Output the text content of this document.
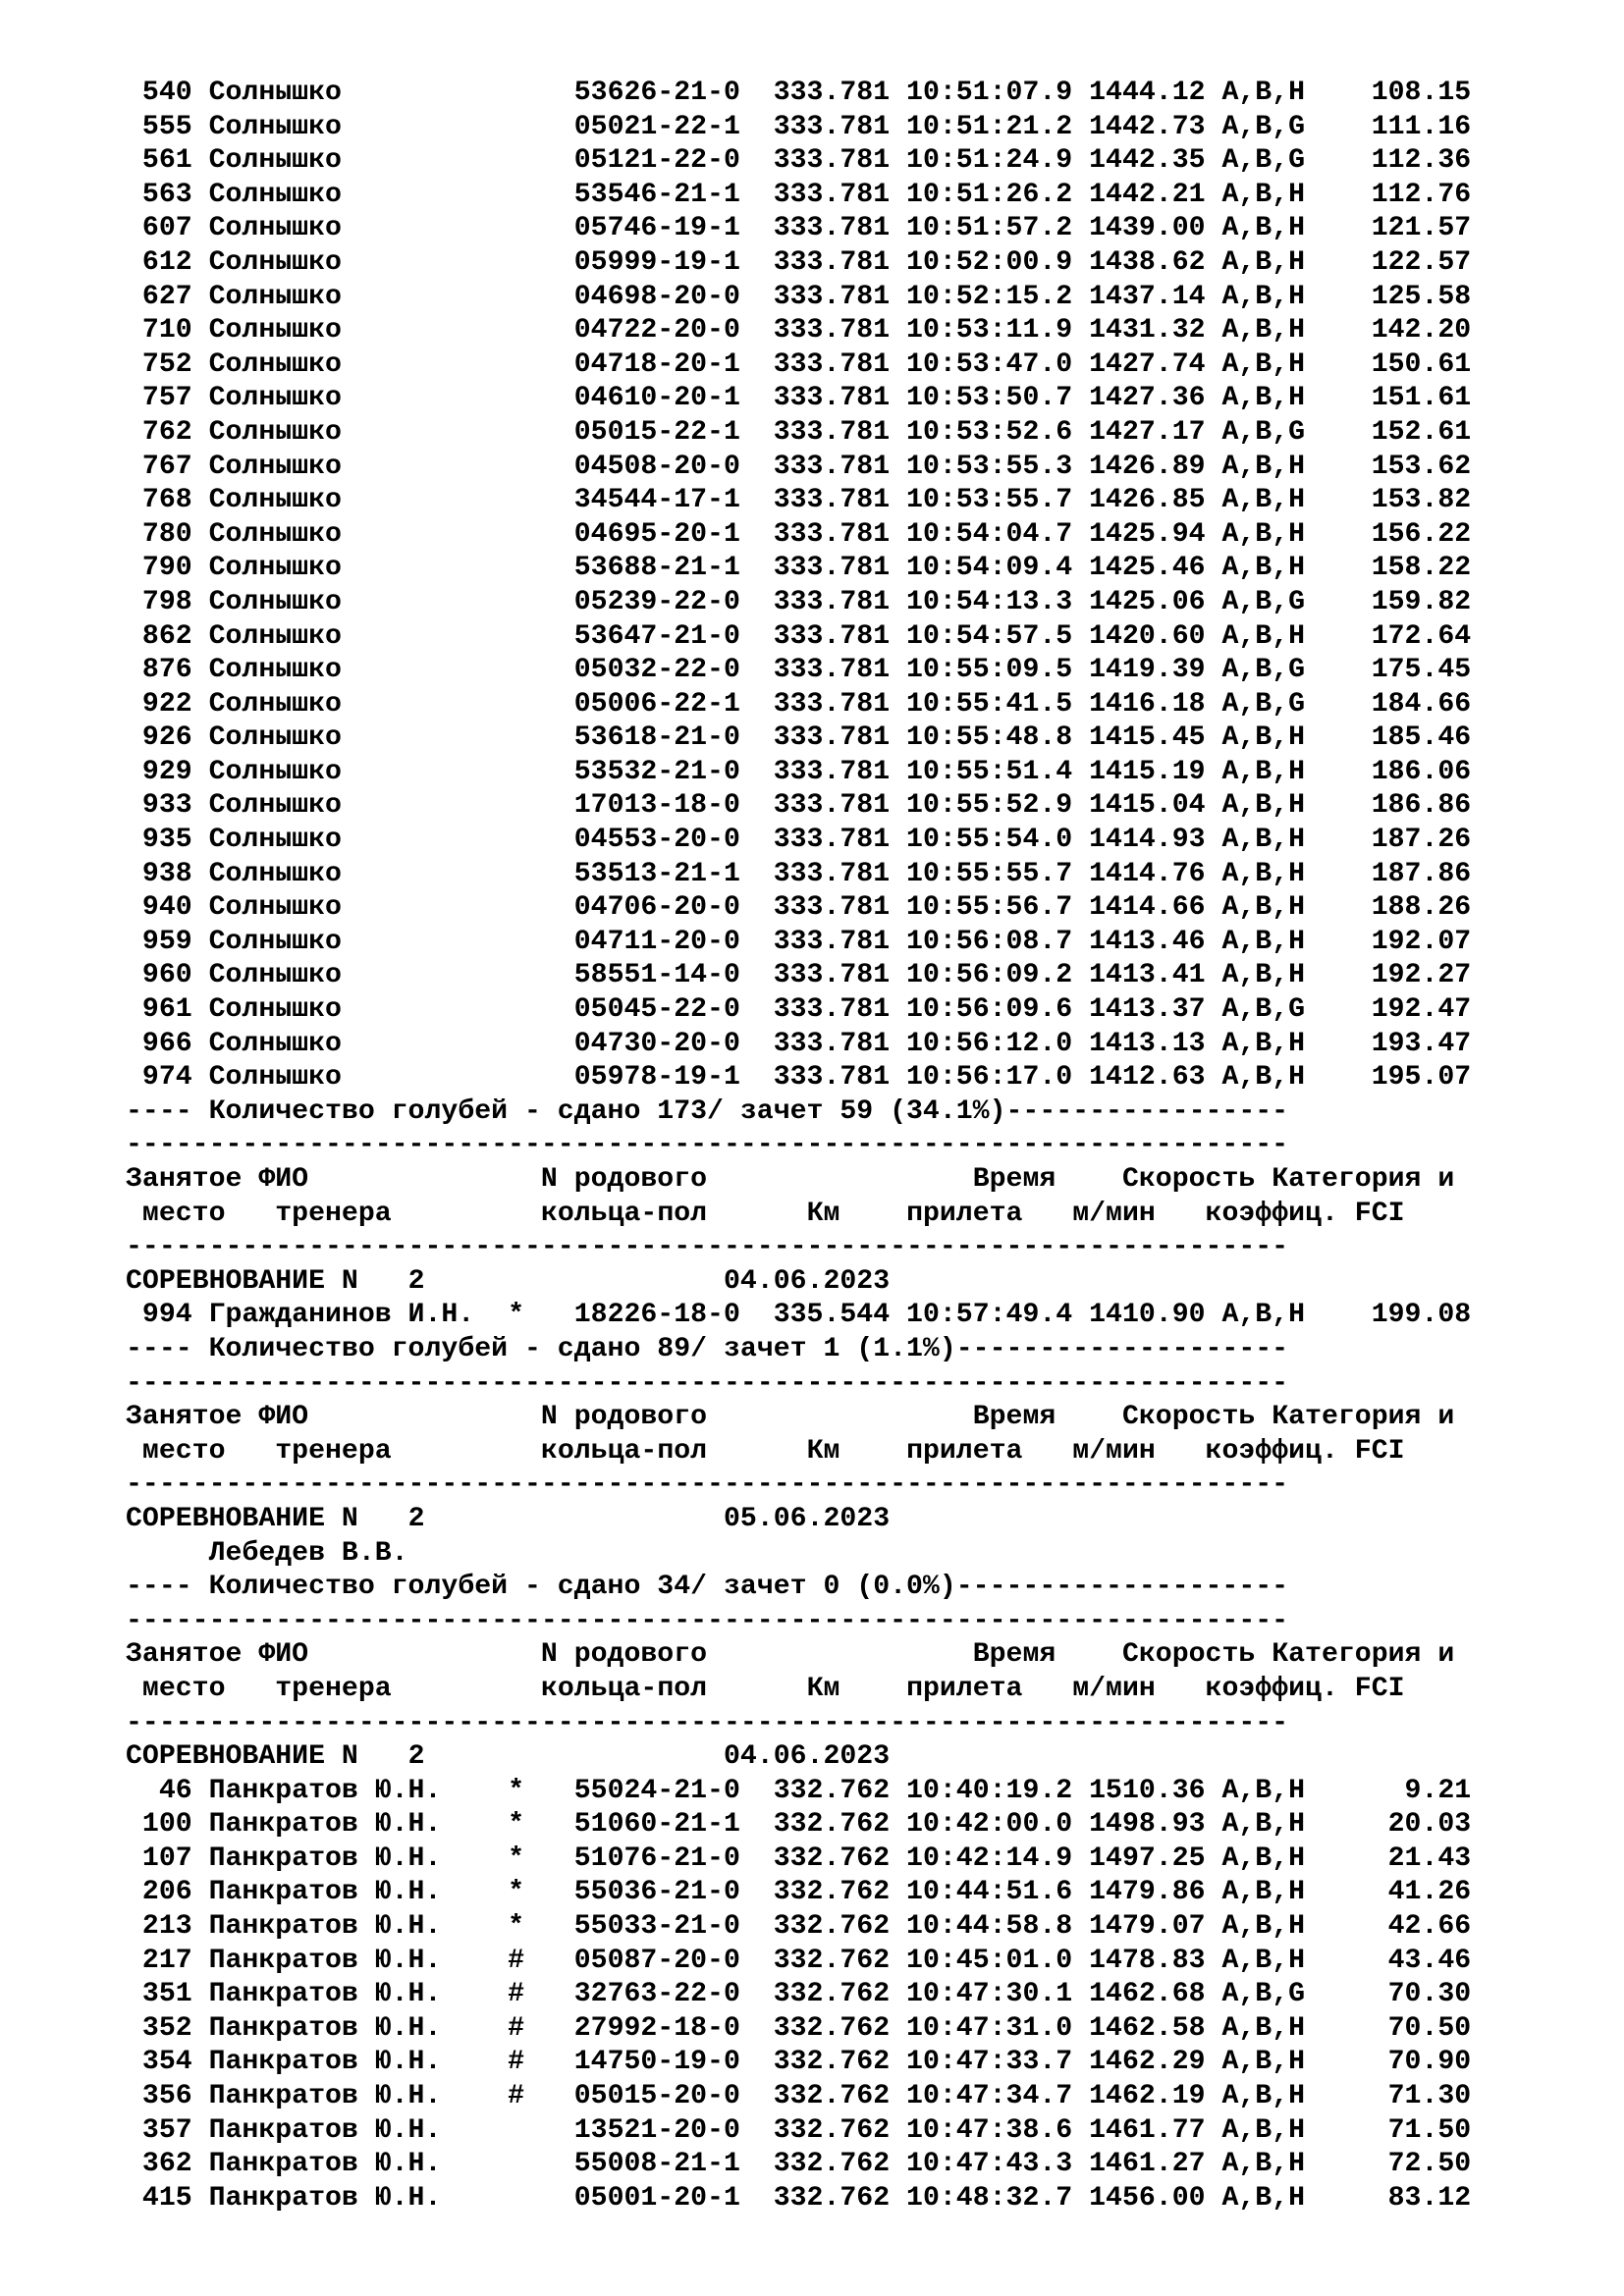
540 Солнышко              53626-21-0  333.781 10:51:07.9 1444.12 A,B,H    108.15
555 Солнышко              05021-22-1  333.781 10:51:21.2 1442.73 A,B,G    111.16
561 Солнышко              05121-22-0  333.781 10:51:24.9 1442.35 A,B,G    112.36
563 Солнышко              53546-21-1  333.781 10:51:26.2 1442.21 A,B,H    112.76
607 Солнышко              05746-19-1  333.781 10:51:57.2 1439.00 A,B,H    121.57
612 Солнышко              05999-19-1  333.781 10:52:00.9 1438.62 A,B,H    122.57
627 Солнышко              04698-20-0  333.781 10:52:15.2 1437.14 A,B,H    125.58
710 Солнышко              04722-20-0  333.781 10:53:11.9 1431.32 A,B,H    142.20
752 Солнышко              04718-20-1  333.781 10:53:47.0 1427.74 A,B,H    150.61
757 Солнышко              04610-20-1  333.781 10:53:50.7 1427.36 A,B,H    151.61
762 Солнышко              05015-22-1  333.781 10:53:52.6 1427.17 A,B,G    152.61
767 Солнышко              04508-20-0  333.781 10:53:55.3 1426.89 A,B,H    153.62
768 Солнышко              34544-17-1  333.781 10:53:55.7 1426.85 A,B,H    153.82
780 Солнышко              04695-20-1  333.781 10:54:04.7 1425.94 A,B,H    156.22
790 Солнышко              53688-21-1  333.781 10:54:09.4 1425.46 A,B,H    158.22
798 Солнышко              05239-22-0  333.781 10:54:13.3 1425.06 A,B,G    159.82
862 Солнышко              53647-21-0  333.781 10:54:57.5 1420.60 A,B,H    172.64
876 Солнышко              05032-22-0  333.781 10:55:09.5 1419.39 A,B,G    175.45
922 Солнышко              05006-22-1  333.781 10:55:41.5 1416.18 A,B,G    184.66
926 Солнышко              53618-21-0  333.781 10:55:48.8 1415.45 A,B,H    185.46
929 Солнышко              53532-21-0  333.781 10:55:51.4 1415.19 A,B,H    186.06
933 Солнышко              17013-18-0  333.781 10:55:52.9 1415.04 A,B,H    186.86
935 Солнышко              04553-20-0  333.781 10:55:54.0 1414.93 A,B,H    187.26
938 Солнышко              53513-21-1  333.781 10:55:55.7 1414.76 A,B,H    187.86
940 Солнышко              04706-20-0  333.781 10:55:56.7 1414.66 A,B,H    188.26
959 Солнышко              04711-20-0  333.781 10:56:08.7 1413.46 A,B,H    192.07
960 Солнышко              58551-14-0  333.781 10:56:09.2 1413.41 A,B,H    192.27
961 Солнышко              05045-22-0  333.781 10:56:09.6 1413.37 A,B,G    192.47
966 Солнышко              04730-20-0  333.781 10:56:12.0 1413.13 A,B,H    193.47
974 Солнышко              05978-19-1  333.781 10:56:17.0 1412.63 A,B,H    195.07
---- Количество голубей - сдано 173/ зачет 59 (34.1%)-----------------
----------------------------------------------------------------------
Занятое ФИО              N родового                Время Скорость Категория и
место   тренера         кольца-пол      Км    прилета   м/мин   коэффиц. FCI
----------------------------------------------------------------------
СОРЕВНОВАНИЕ N   2	04.06.2023
994 Гражданинов И.Н.  *   18226-18-0  335.544 10:57:49.4 1410.90 A,B,H    199.08
---- Количество голубей - сдано 89/ зачет 1 (1.1%)--------------------
----------------------------------------------------------------------
Занятое ФИО              N родового                Время Скорость Категория и
место   тренера         кольца-пол      Км    прилета   м/мин   коэффиц. FCI
----------------------------------------------------------------------
СОРЕВНОВАНИЕ N   2	05.06.2023
Лебедев В.В.
---- Количество голубей - сдано 34/ зачет 0 (0.0%)--------------------
----------------------------------------------------------------------
Занятое ФИО              N родового                Время Скорость Категория и
место   тренера         кольца-пол      Км    прилета   м/мин   коэффиц. FCI
----------------------------------------------------------------------
СОРЕВНОВАНИЕ N   2	04.06.2023
46 Панкратов Ю.Н.    *   55024-21-0  332.762 10:40:19.2 1510.36 A,B,H      9.21
100 Панкратов Ю.Н.    *   51060-21-1  332.762 10:42:00.0 1498.93 A,B,H     20.03
107 Панкратов Ю.Н.    *   51076-21-0  332.762 10:42:14.9 1497.25 A,B,H     21.43
206 Панкратов Ю.Н.    *   55036-21-0  332.762 10:44:51.6 1479.86 A,B,H     41.26
213 Панкратов Ю.Н.    *   55033-21-0  332.762 10:44:58.8 1479.07 A,B,H     42.66
217 Панкратов Ю.Н.    #   05087-20-0  332.762 10:45:01.0 1478.83 A,B,H     43.46
351 Панкратов Ю.Н.    #   32763-22-0  332.762 10:47:30.1 1462.68 A,B,G     70.30
352 Панкратов Ю.Н.    #   27992-18-0  332.762 10:47:31.0 1462.58 A,B,H     70.50
354 Панкратов Ю.Н.    #   14750-19-0  332.762 10:47:33.7 1462.29 A,B,H     70.90
356 Панкратов Ю.Н.    #   05015-20-0  332.762 10:47:34.7 1462.19 A,B,H     71.30
357 Панкратов Ю.Н.        13521-20-0  332.762 10:47:38.6 1461.77 A,B,H     71.50
362 Панкратов Ю.Н.        55008-21-1  332.762 10:47:43.3 1461.27 A,B,H     72.50
415 Панкратов Ю.Н.        05001-20-1  332.762 10:48:32.7 1456.00 A,B,H     83.12
